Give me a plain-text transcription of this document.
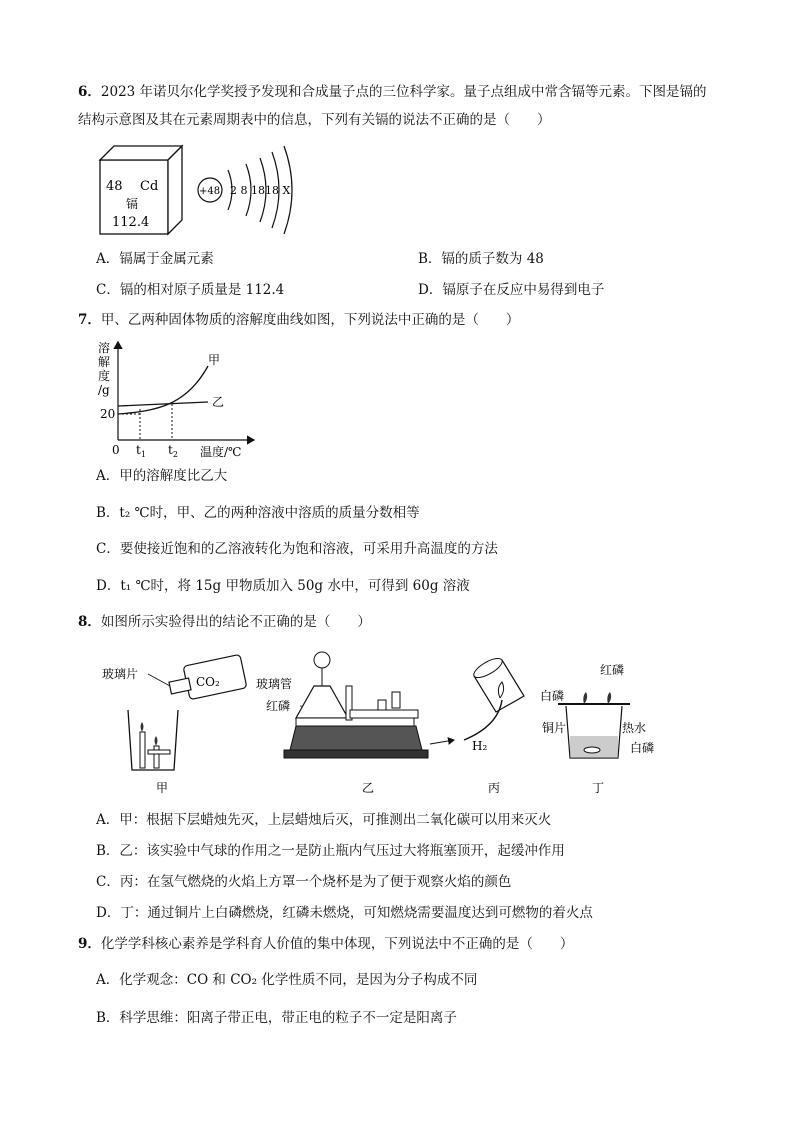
6．2023 年诺贝尔化学奖授予发现和合成量子点的三位科学家。量子点组成中常含镉等元素。下图是镉的
结构示意图及其在元素周期表中的信息，下列有关镉的说法不正确的是（　　）
48 Cd
镉
112.4
+48 2 8 1818 X
A．镉属于金属元素	B．镉的质子数为 48
C．镉的相对原子质量是 112.4	D．镉原子在反应中易得到电子
7．甲、乙两种固体物质的溶解度曲线如图，下列说法中正确的是（　　）
溶
解
度
/g
20
0 $t_1$ $t_2$ 温度/℃
甲
乙
A．甲的溶解度比乙大
B．t₂ ℃时，甲、乙的两种溶液中溶质的质量分数相等
C．要使接近饱和的乙溶液转化为饱和溶液，可采用升高温度的方法
D．t₁ ℃时，将 15g 甲物质加入 50g 水中，可得到 60g 溶液
8．如图所示实验得出的结论不正确的是（　　）
玻璃片
CO₂
甲
玻璃管
红磷
乙
H₂
丙
红磷
白磷
铜片	热水
白磷
丁
A．甲：根据下层蜡烛先灭，上层蜡烛后灭，可推测出二氧化碳可以用来灭火
B．乙：该实验中气球的作用之一是防止瓶内气压过大将瓶塞顶开，起缓冲作用
C．丙：在氢气燃烧的火焰上方罩一个烧杯是为了便于观察火焰的颜色
D．丁：通过铜片上白磷燃烧，红磷未燃烧，可知燃烧需要温度达到可燃物的着火点
9．化学学科核心素养是学科育人价值的集中体现，下列说法中不正确的是（　　）
A．化学观念：CO 和 CO₂ 化学性质不同，是因为分子构成不同
B．科学思维：阳离子带正电，带正电的粒子不一定是阳离子
